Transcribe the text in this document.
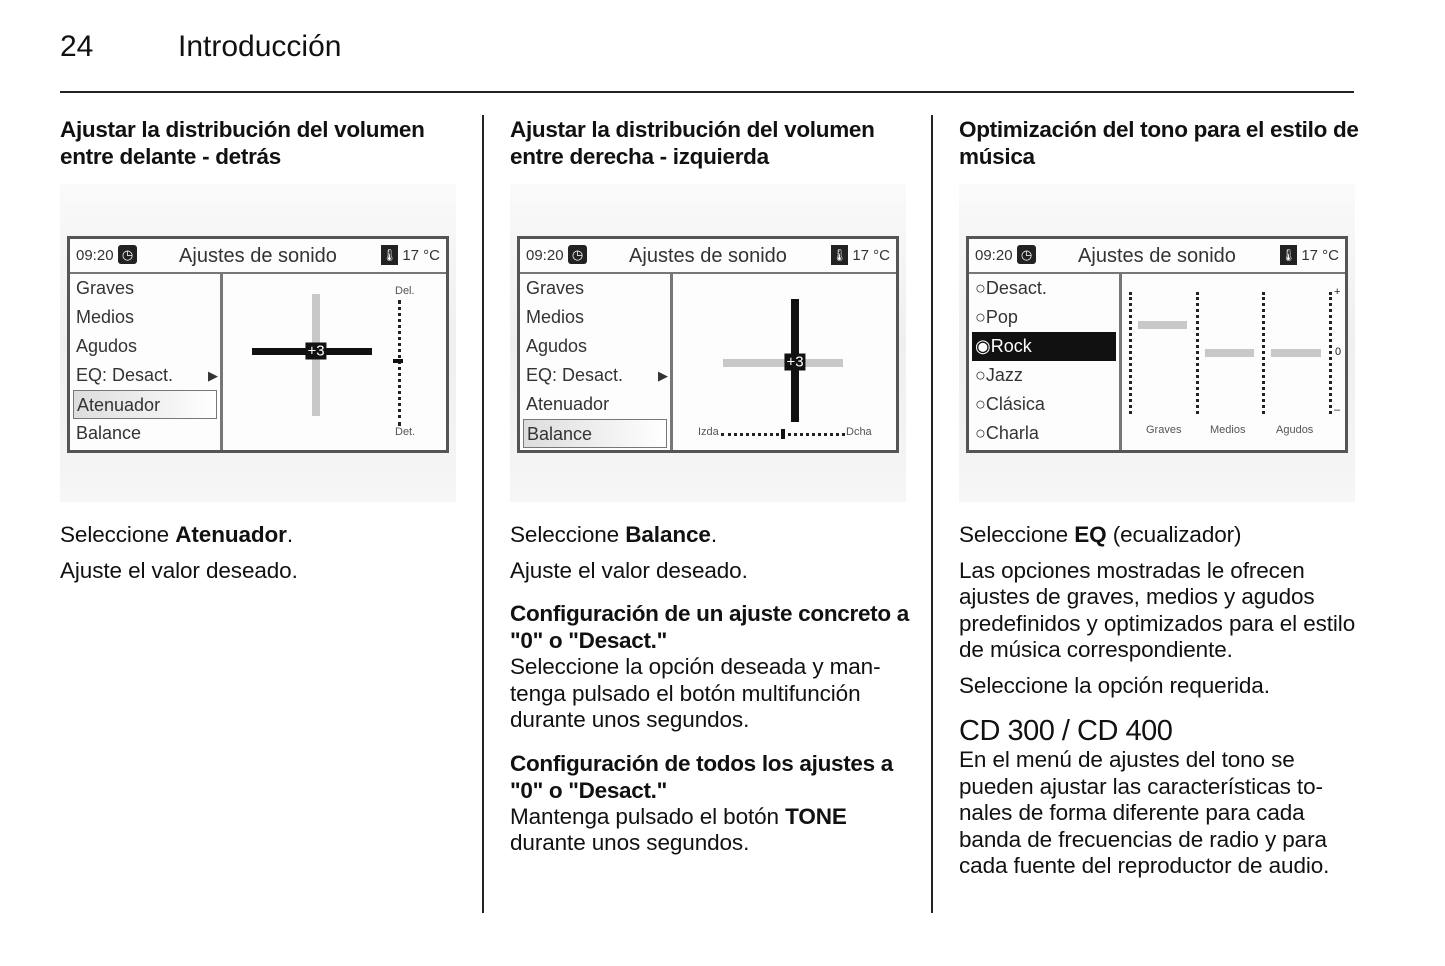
24	Introducción
Ajustar la distribución del volumen entre delante - detrás
09:20 ◷	Ajustes de sonido	🌡 17 °C
Graves
Medios
Agudos
EQ: Desact.	▶
Atenuador
Balance
+3
Del.
Det.
Seleccione Atenuador.
Ajuste el valor deseado.
Ajustar la distribución del volumen entre derecha - izquierda
09:20 ◷	Ajustes de sonido	🌡 17 °C
Graves
Medios
Agudos
EQ: Desact.	▶
Atenuador
Balance
+3
Izda	Dcha
Seleccione Balance.
Ajuste el valor deseado.
Configuración de un ajuste concreto a "0" o "Desact."
Seleccione la opción deseada y mantenga pulsado el botón multifunción durante unos segundos.
Configuración de todos los ajustes a "0" o "Desact."
Mantenga pulsado el botón TONE durante unos segundos.
Optimización del tono para el estilo de música
09:20 ◷	Ajustes de sonido	🌡 17 °C
○Desact.
○Pop
◉Rock
○Jazz
○Clásica
○Charla
+
0
–
Graves	Medios	Agudos
Seleccione EQ (ecualizador)
Las opciones mostradas le ofrecen ajustes de graves, medios y agudos predefinidos y optimizados para el estilo de música correspondiente.
Seleccione la opción requerida.
CD 300 / CD 400
En el menú de ajustes del tono se pueden ajustar las características tonales de forma diferente para cada banda de frecuencias de radio y para cada fuente del reproductor de audio.
